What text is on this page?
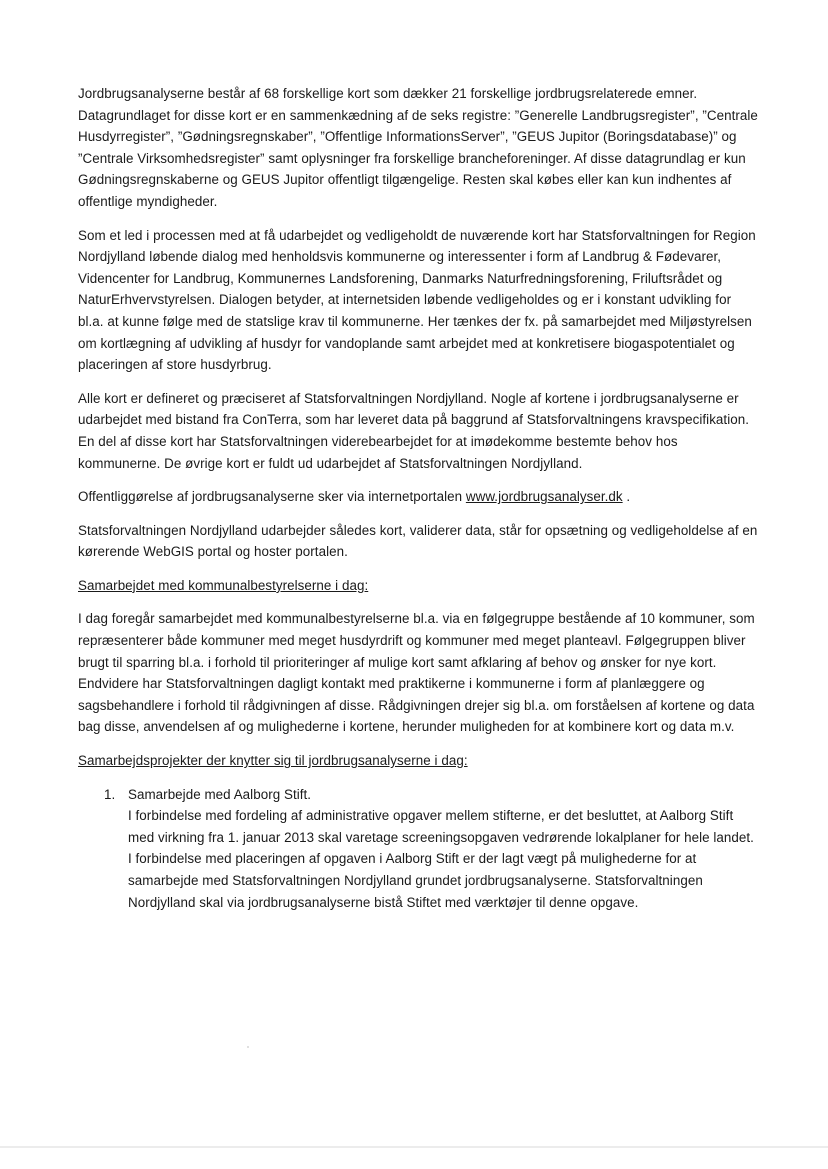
Jordbrugsanalyserne består af 68 forskellige kort som dækker 21 forskellige jordbrugsrelaterede emner. Datagrundlaget for disse kort er en sammenkædning af de seks registre: ”Generelle Landbrugsregister”, ”Centrale Husdyrregister”, ”Gødningsregnskaber”, ”Offentlige InformationsServer”, ”GEUS Jupitor (Boringsdatabase)” og ”Centrale Virksomhedsregister” samt oplysninger fra forskellige brancheforeninger. Af disse datagrundlag er kun Gødningsregnskaberne og GEUS Jupitor offentligt tilgængelige. Resten skal købes eller kan kun indhentes af offentlige myndigheder.

Som et led i processen med at få udarbejdet og vedligeholdt de nuværende kort har Statsforvaltningen for Region Nordjylland løbende dialog med henholdsvis kommunerne og interessenter i form af Landbrug & Fødevarer, Videncenter for Landbrug, Kommunernes Landsforening, Danmarks Naturfredningsforening, Friluftsrådet og NaturErhvervstyrelsen. Dialogen betyder, at internetsiden løbende vedligeholdes og er i konstant udvikling for bl.a. at kunne følge med de statslige krav til kommunerne. Her tænkes der fx. på samarbejdet med Miljøstyrelsen om kortlægning af udvikling af husdyr for vandoplande samt arbejdet med at konkretisere biogaspotentialet og placeringen af store husdyrbrug.

Alle kort er defineret og præciseret af Statsforvaltningen Nordjylland. Nogle af kortene i jordbrugsanalyserne er udarbejdet med bistand fra ConTerra, som har leveret data på baggrund af Statsforvaltningens kravspecifikation. En del af disse kort har Statsforvaltningen viderebearbejdet for at imødekomme bestemte behov hos kommunerne. De øvrige kort er fuldt ud udarbejdet af Statsforvaltningen Nordjylland.

Offentliggørelse af jordbrugsanalyserne sker via internetportalen www.jordbrugsanalyser.dk .

Statsforvaltningen Nordjylland udarbejder således kort, validerer data, står for opsætning og vedligeholdelse af en kørerende WebGIS portal og hoster portalen.

Samarbejdet med kommunalbestyrelserne i dag:

I dag foregår samarbejdet med kommunalbestyrelserne bl.a. via en følgegruppe bestående af 10 kommuner, som repræsenterer både kommuner med meget husdyrdrift og kommuner med meget planteavl. Følgegruppen bliver brugt til sparring bl.a. i forhold til prioriteringer af mulige kort samt afklaring af behov og ønsker for nye kort. Endvidere har Statsforvaltningen dagligt kontakt med praktikerne i kommunerne i form af planlæggere og sagsbehandlere i forhold til rådgivningen af disse. Rådgivningen drejer sig bl.a. om forståelsen af kortene og data bag disse, anvendelsen af og mulighederne i kortene, herunder muligheden for at kombinere kort og data m.v.

Samarbejdsprojekter der knytter sig til jordbrugsanalyserne i dag:

1. Samarbejde med Aalborg Stift.
I forbindelse med fordeling af administrative opgaver mellem stifterne, er det besluttet, at Aalborg Stift med virkning fra 1. januar 2013 skal varetage screeningsopgaven vedrørende lokalplaner for hele landet. I forbindelse med placeringen af opgaven i Aalborg Stift er der lagt vægt på mulighederne for at samarbejde med Statsforvaltningen Nordjylland grundet jordbrugsanalyserne. Statsforvaltningen Nordjylland skal via jordbrugsanalyserne bistå Stiftet med værktøjer til denne opgave.
